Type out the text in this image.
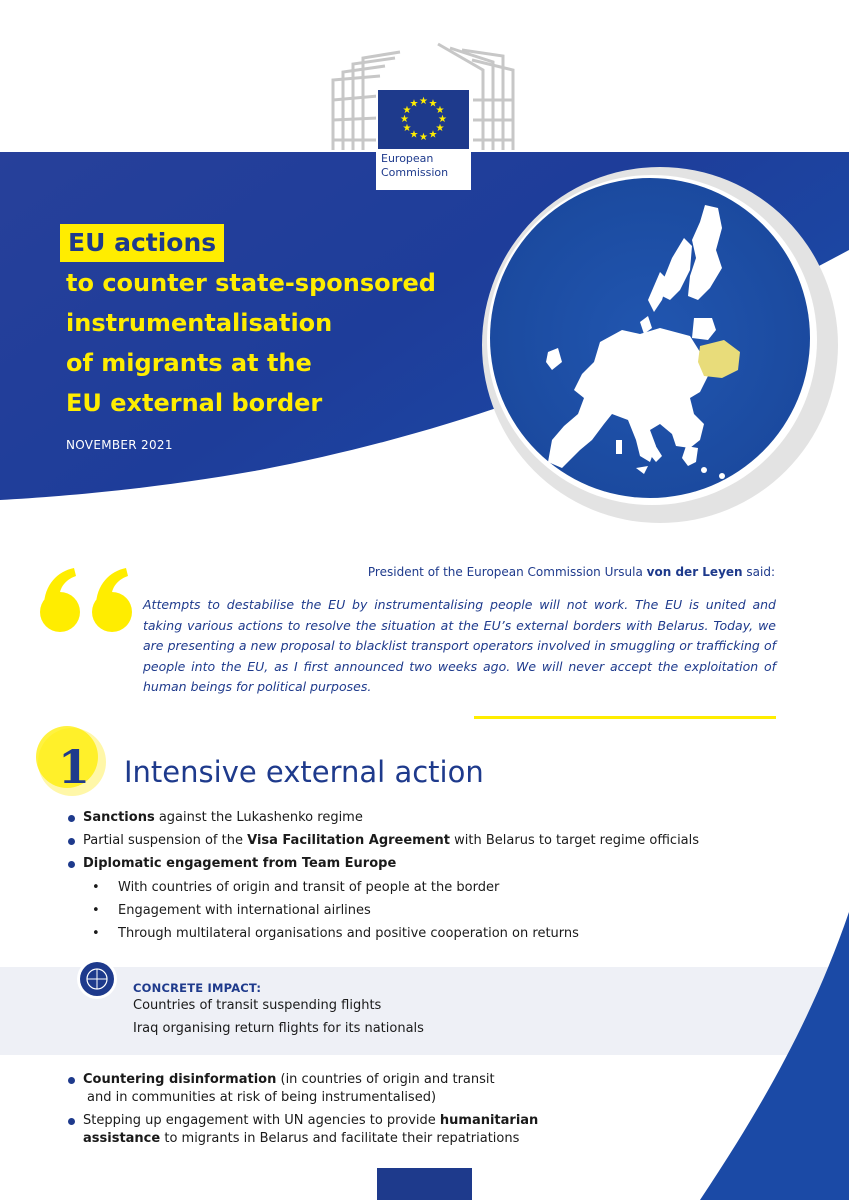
★ ★
★
★
★
★
★
★
★
★
★
★
European
Commission
EU actions
to counter state-sponsored
instrumentalisation
of migrants at the
EU external border
NOVEMBER 2021
President of the European Commission Ursula von der Leyen said:
Attempts to destabilise the EU by instrumentalising people will not work. The EU is united and taking various actions to resolve the situation at the EU’s external borders with Belarus. Today, we are presenting a new proposal to blacklist transport operators involved in smuggling or trafficking of people into the EU, as I first announced two weeks ago. We will never accept the exploitation of human beings for political purposes.
1 Intensive external action
Sanctions against the Lukashenko regime
Partial suspension of the Visa Facilitation Agreement with Belarus to target regime officials
Diplomatic engagement from Team Europe
• With countries of origin and transit of people at the border
• Engagement with international airlines
• Through multilateral organisations and positive cooperation on returns
CONCRETE IMPACT:
Countries of transit suspending flights
Iraq organising return flights for its nationals
Countering disinformation (in countries of origin and transit
and in communities at risk of being instrumentalised)
Stepping up engagement with UN agencies to provide humanitarian
assistance to migrants in Belarus and facilitate their repatriations
